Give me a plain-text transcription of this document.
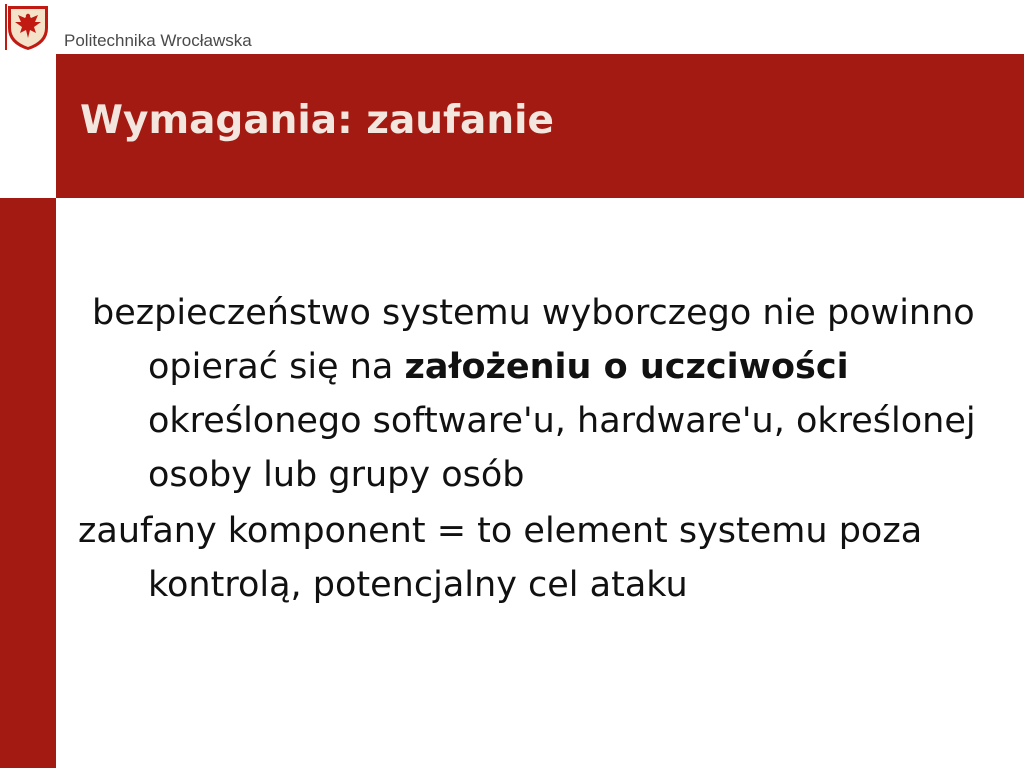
Politechnika Wrocławska
Wymagania: zaufanie

bezpieczeństwo systemu wyborczego nie powinno opierać się na założeniu o uczciwości określonego software'u, hardware'u, określonej osoby lub grupy osób

zaufany komponent = to element systemu poza kontrolą, potencjalny cel ataku
